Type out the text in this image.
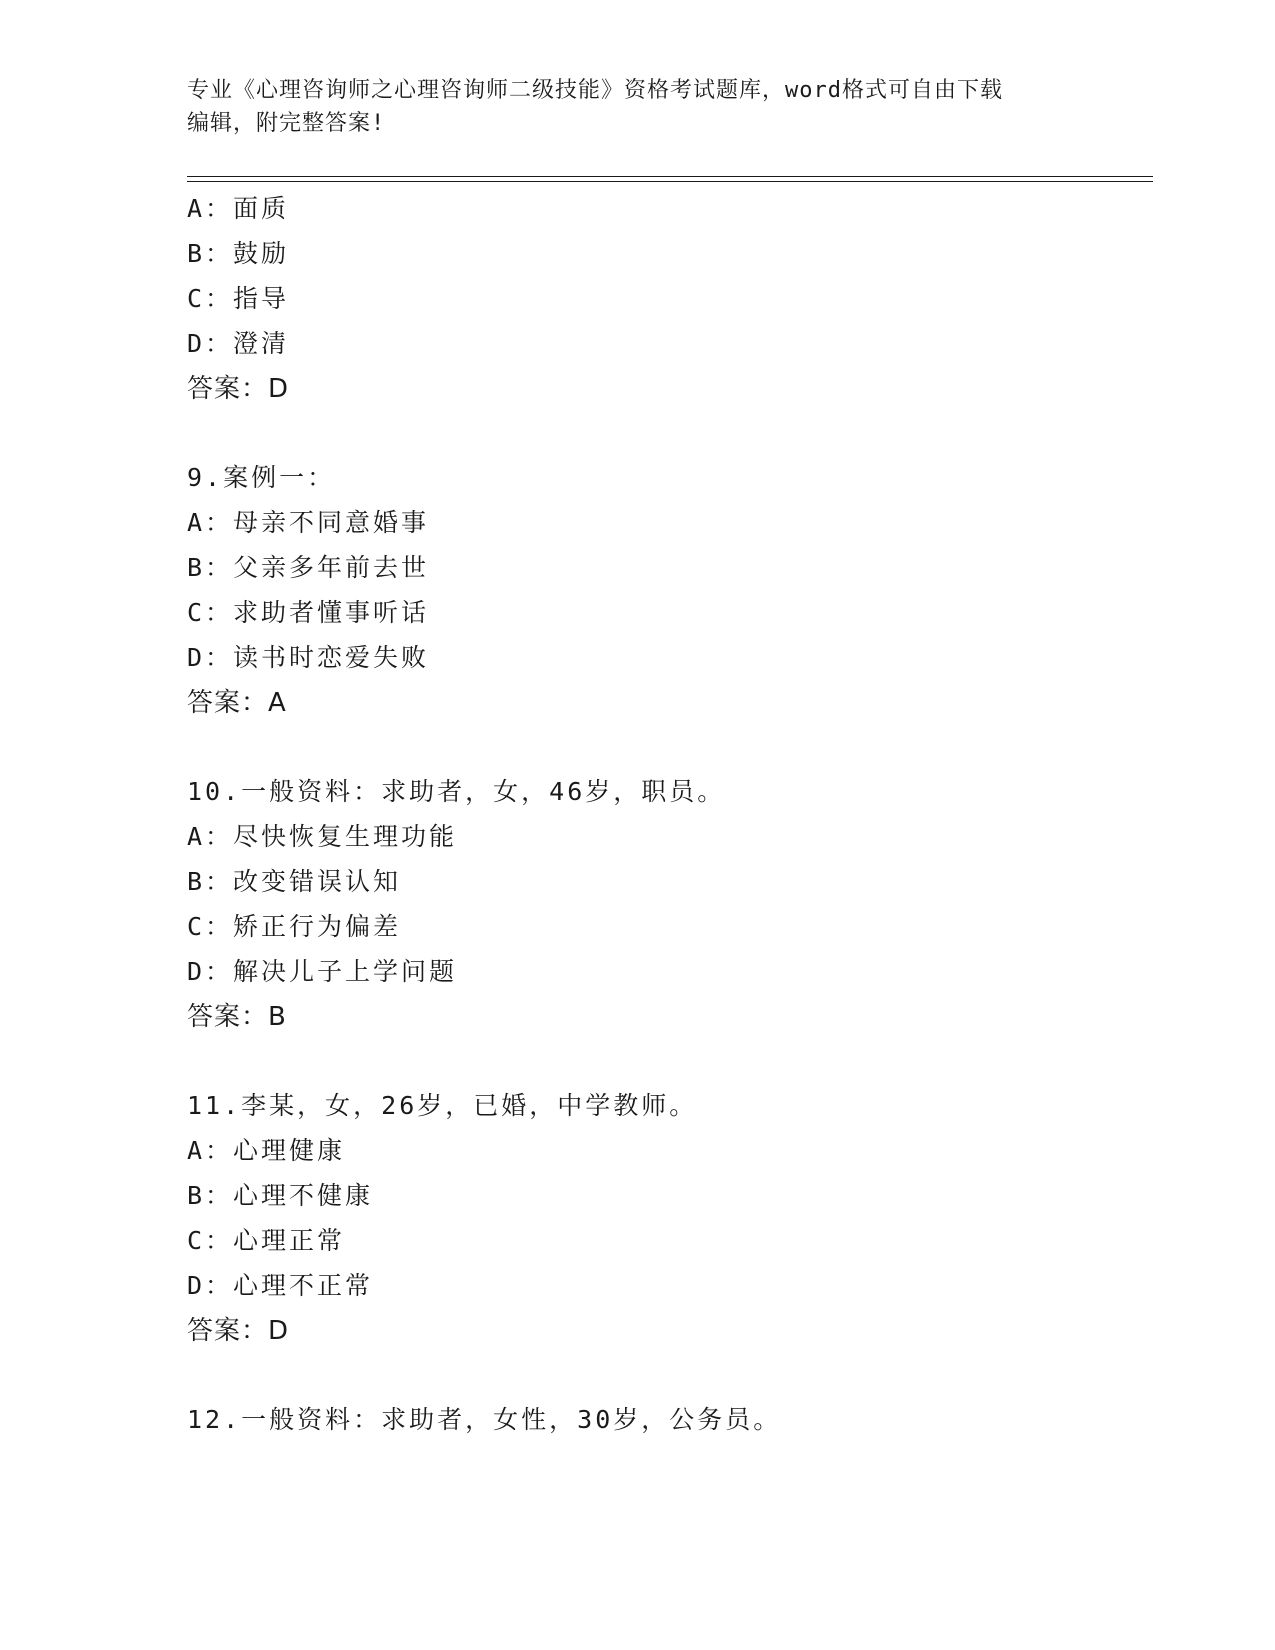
专业《心理咨询师之心理咨询师二级技能》资格考试题库，word格式可自由下载
编辑，附完整答案!
A：面质
B：鼓励
C：指导
D：澄清
答案：D
9.案例一：
A：母亲不同意婚事
B：父亲多年前去世
C：求助者懂事听话
D：读书时恋爱失败
答案：A
10.一般资料：求助者，女，46岁，职员。
A：尽快恢复生理功能
B：改变错误认知
C：矫正行为偏差
D：解决儿子上学问题
答案：B
11.李某，女，26岁，已婚，中学教师。
A：心理健康
B：心理不健康
C：心理正常
D：心理不正常
答案：D
12.一般资料：求助者，女性，30岁，公务员。
